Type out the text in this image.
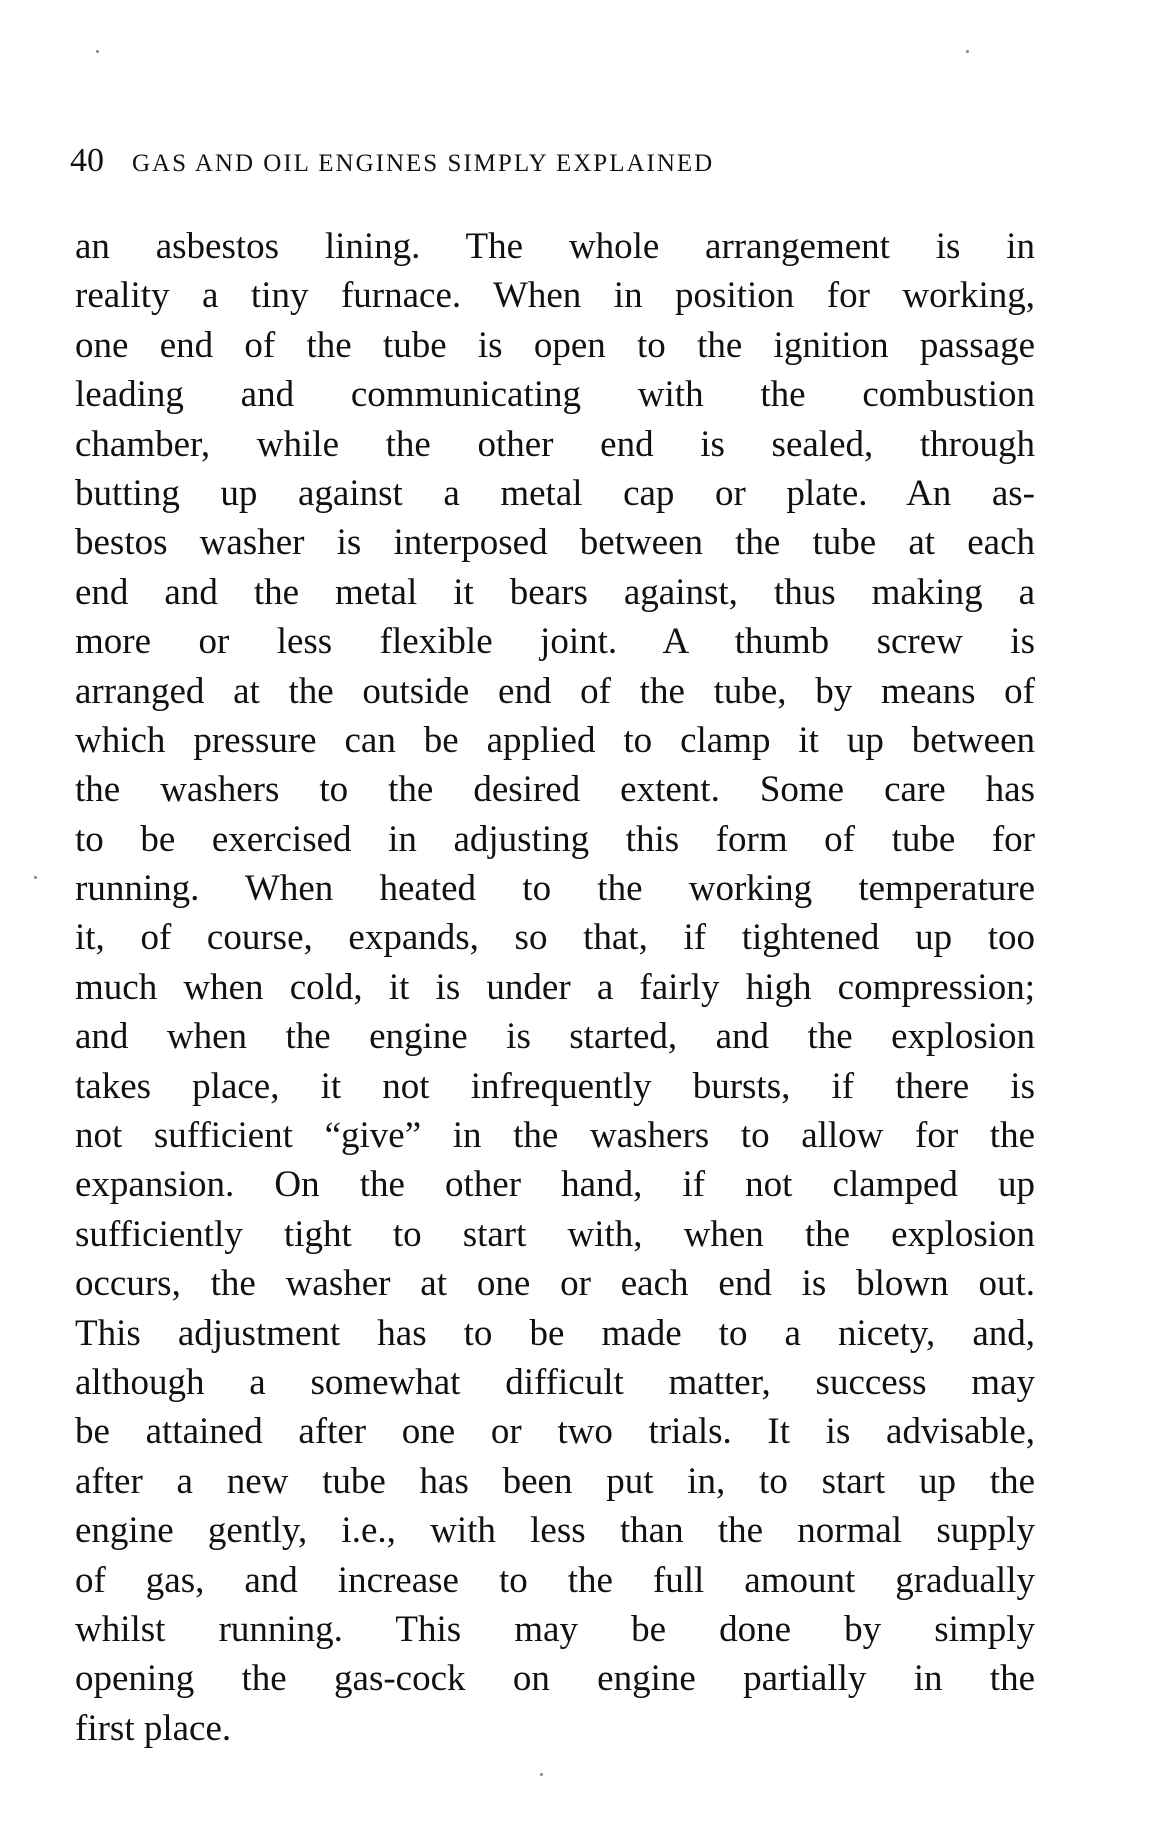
40 GAS AND OIL ENGINES SIMPLY EXPLAINED
an asbestos lining. The whole arrangement is in
reality a tiny furnace. When in position for working,
one end of the tube is open to the ignition passage
leading and communicating with the combustion
chamber, while the other end is sealed, through
butting up against a metal cap or plate. An as-
bestos washer is interposed between the tube at each
end and the metal it bears against, thus making a
more or less flexible joint. A thumb screw is
arranged at the outside end of the tube, by means of
which pressure can be applied to clamp it up between
the washers to the desired extent. Some care has
to be exercised in adjusting this form of tube for
running. When heated to the working temperature
it, of course, expands, so that, if tightened up too
much when cold, it is under a fairly high compression;
and when the engine is started, and the explosion
takes place, it not infrequently bursts, if there is
not sufficient “give” in the washers to allow for the
expansion. On the other hand, if not clamped up
sufficiently tight to start with, when the explosion
occurs, the washer at one or each end is blown out.
This adjustment has to be made to a nicety, and,
although a somewhat difficult matter, success may
be attained after one or two trials. It is advisable,
after a new tube has been put in, to start up the
engine gently, i.e., with less than the normal supply
of gas, and increase to the full amount gradually
whilst running. This may be done by simply
opening the gas-cock on engine partially in the
first place.
